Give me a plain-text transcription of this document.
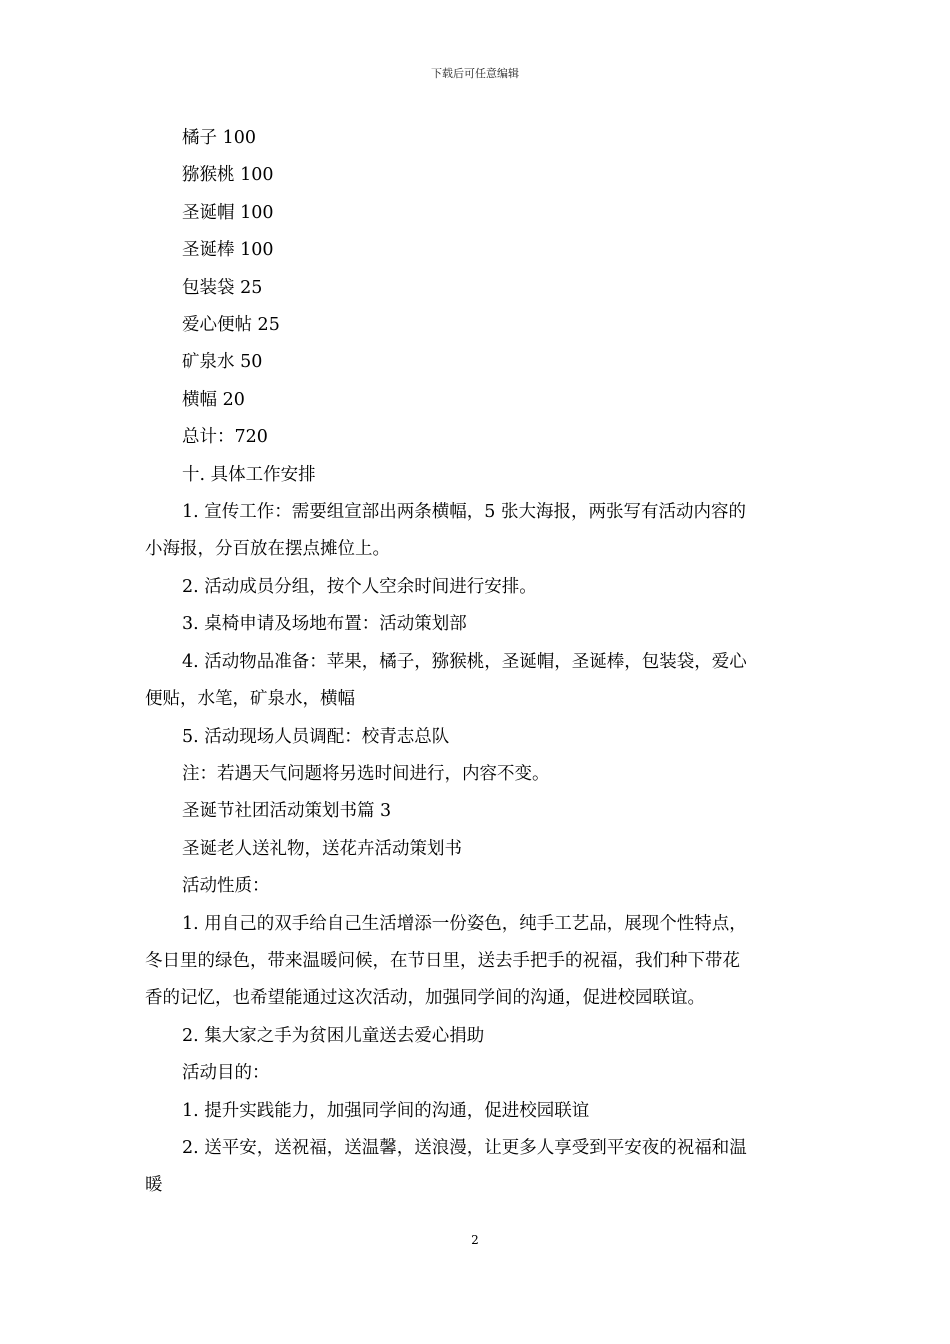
下载后可任意编辑
橘子 100
猕猴桃 100
圣诞帽 100
圣诞棒 100
包装袋 25
爱心便帖 25
矿泉水 50
横幅 20
总计：720
十. 具体工作安排
1. 宣传工作：需要组宣部出两条横幅，5 张大海报，两张写有活动内容的
小海报，分百放在摆点摊位上。
2. 活动成员分组，按个人空余时间进行安排。
3. 桌椅申请及场地布置：活动策划部
4. 活动物品准备：苹果，橘子，猕猴桃，圣诞帽，圣诞棒，包装袋，爱心
便贴，水笔，矿泉水，横幅
5. 活动现场人员调配：校青志总队
注：若遇天气问题将另选时间进行，内容不变。
圣诞节社团活动策划书篇 3
圣诞老人送礼物，送花卉活动策划书
活动性质：
1. 用自己的双手给自己生活增添一份姿色，纯手工艺品，展现个性特点，
冬日里的绿色，带来温暖问候，在节日里，送去手把手的祝福，我们种下带花
香的记忆，也希望能通过这次活动，加强同学间的沟通，促进校园联谊。
2. 集大家之手为贫困儿童送去爱心捐助
活动目的：
1. 提升实践能力，加强同学间的沟通，促进校园联谊
2. 送平安，送祝福，送温馨，送浪漫，让更多人享受到平安夜的祝福和温
暖
2
